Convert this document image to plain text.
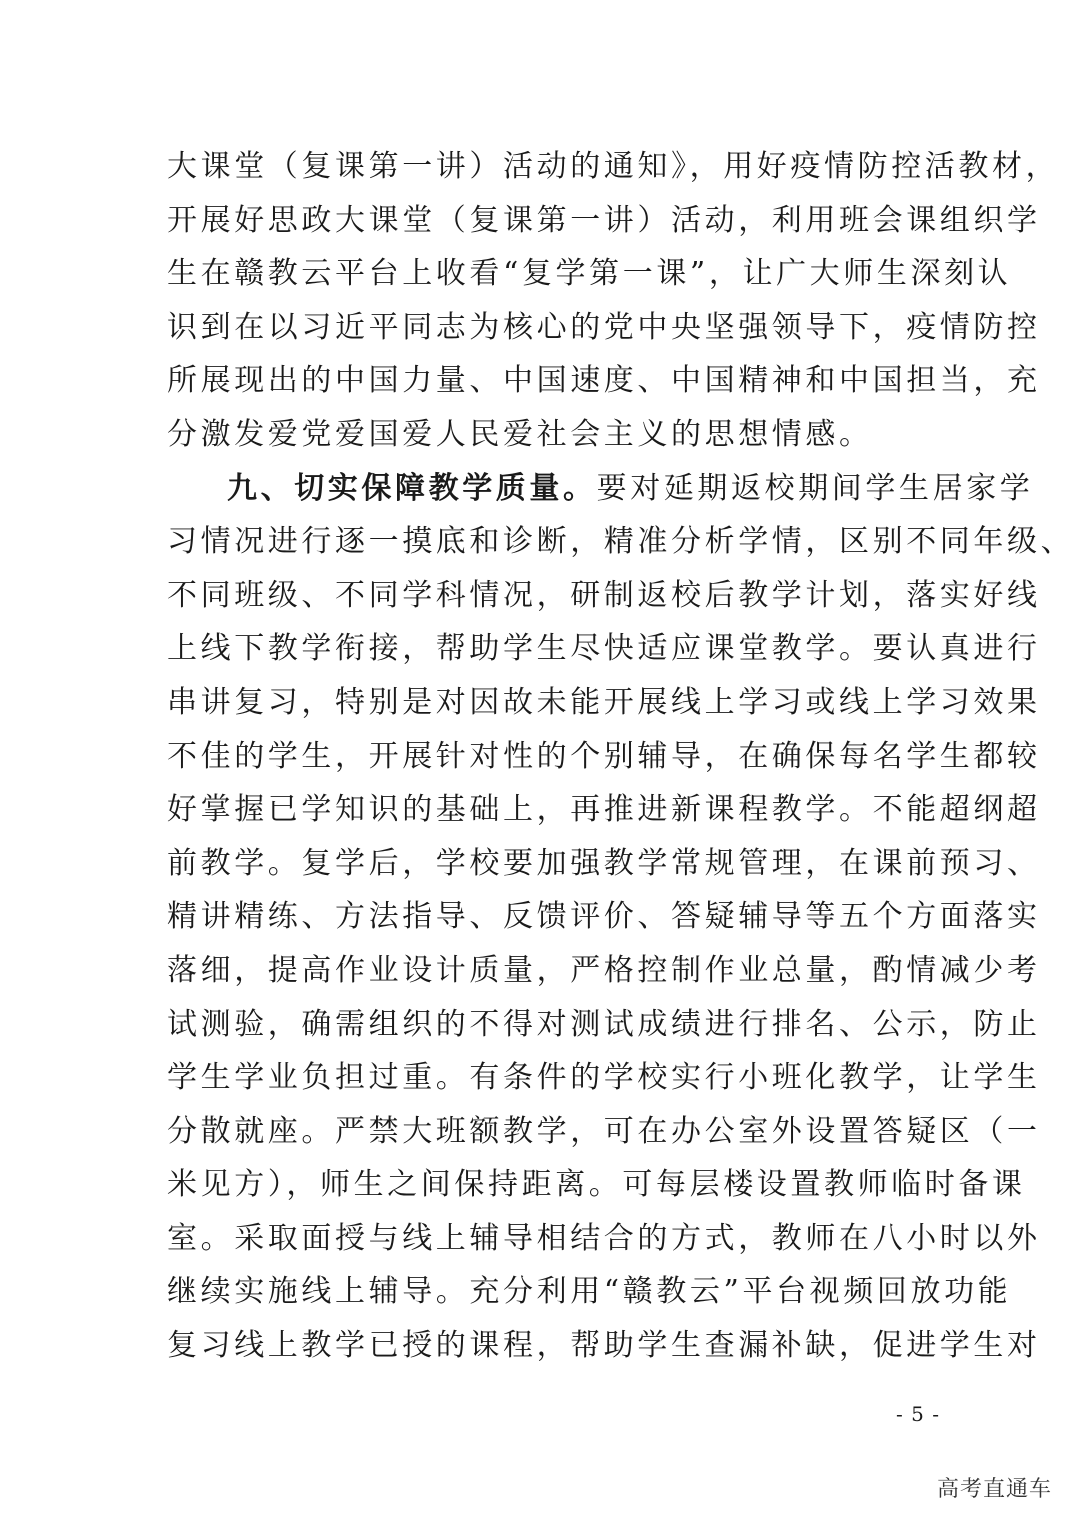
大课堂（复课第一讲）活动的通知》，用好疫情防控活教材，
开展好思政大课堂（复课第一讲）活动，利用班会课组织学
生在赣教云平台上收看“复学第一课”，让广大师生深刻认
识到在以习近平同志为核心的党中央坚强领导下，疫情防控
所展现出的中国力量、中国速度、中国精神和中国担当，充
分激发爱党爱国爱人民爱社会主义的思想情感。
九、切实保障教学质量。要对延期返校期间学生居家学
习情况进行逐一摸底和诊断，精准分析学情，区别不同年级、
不同班级、不同学科情况，研制返校后教学计划，落实好线
上线下教学衔接，帮助学生尽快适应课堂教学。要认真进行
串讲复习，特别是对因故未能开展线上学习或线上学习效果
不佳的学生，开展针对性的个别辅导，在确保每名学生都较
好掌握已学知识的基础上，再推进新课程教学。不能超纲超
前教学。复学后，学校要加强教学常规管理，在课前预习、
精讲精练、方法指导、反馈评价、答疑辅导等五个方面落实
落细，提高作业设计质量，严格控制作业总量，酌情减少考
试测验，确需组织的不得对测试成绩进行排名、公示，防止
学生学业负担过重。有条件的学校实行小班化教学，让学生
分散就座。严禁大班额教学，可在办公室外设置答疑区（一
米见方），师生之间保持距离。可每层楼设置教师临时备课
室。采取面授与线上辅导相结合的方式，教师在八小时以外
继续实施线上辅导。充分利用“赣教云”平台视频回放功能
复习线上教学已授的课程，帮助学生查漏补缺，促进学生对
- 5 -
高考直通车
